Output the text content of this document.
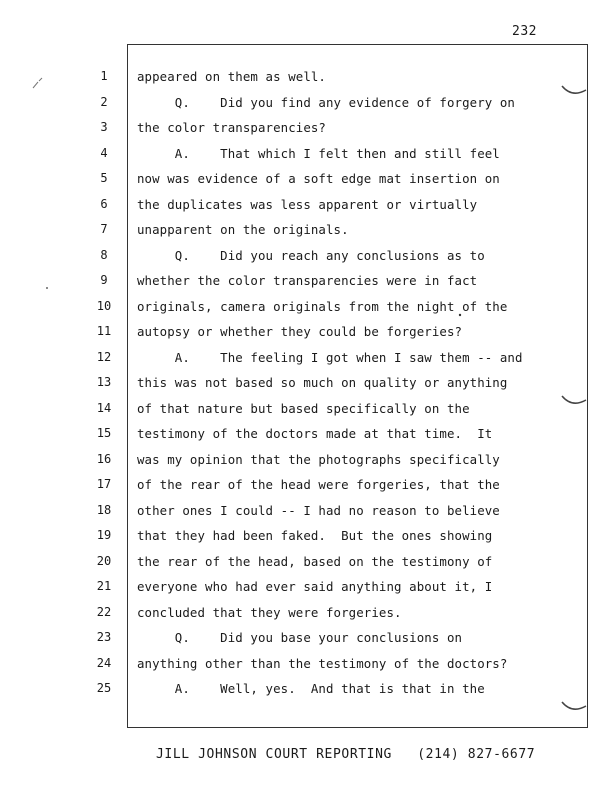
232
1
2
3
4
5
6
7
8
9
10
11
12
13
14
15
16
17
18
19
20
21
22
23
24
25
appeared on them as well.
Q.    Did you find any evidence of forgery on
the color transparencies?
A.    That which I felt then and still feel
now was evidence of a soft edge mat insertion on
the duplicates was less apparent or virtually
unapparent on the originals.
Q.    Did you reach any conclusions as to
whether the color transparencies were in fact
originals, camera originals from the night of the
autopsy or whether they could be forgeries?
A.    The feeling I got when I saw them -- and
this was not based so much on quality or anything
of that nature but based specifically on the
testimony of the doctors made at that time.  It
was my opinion that the photographs specifically
of the rear of the head were forgeries, that the
other ones I could -- I had no reason to believe
that they had been faked.  But the ones showing
the rear of the head, based on the testimony of
everyone who had ever said anything about it, I
concluded that they were forgeries.
Q.    Did you base your conclusions on
anything other than the testimony of the doctors?
A.    Well, yes.  And that is that in the
JILL JOHNSON COURT REPORTING   (214) 827-6677
